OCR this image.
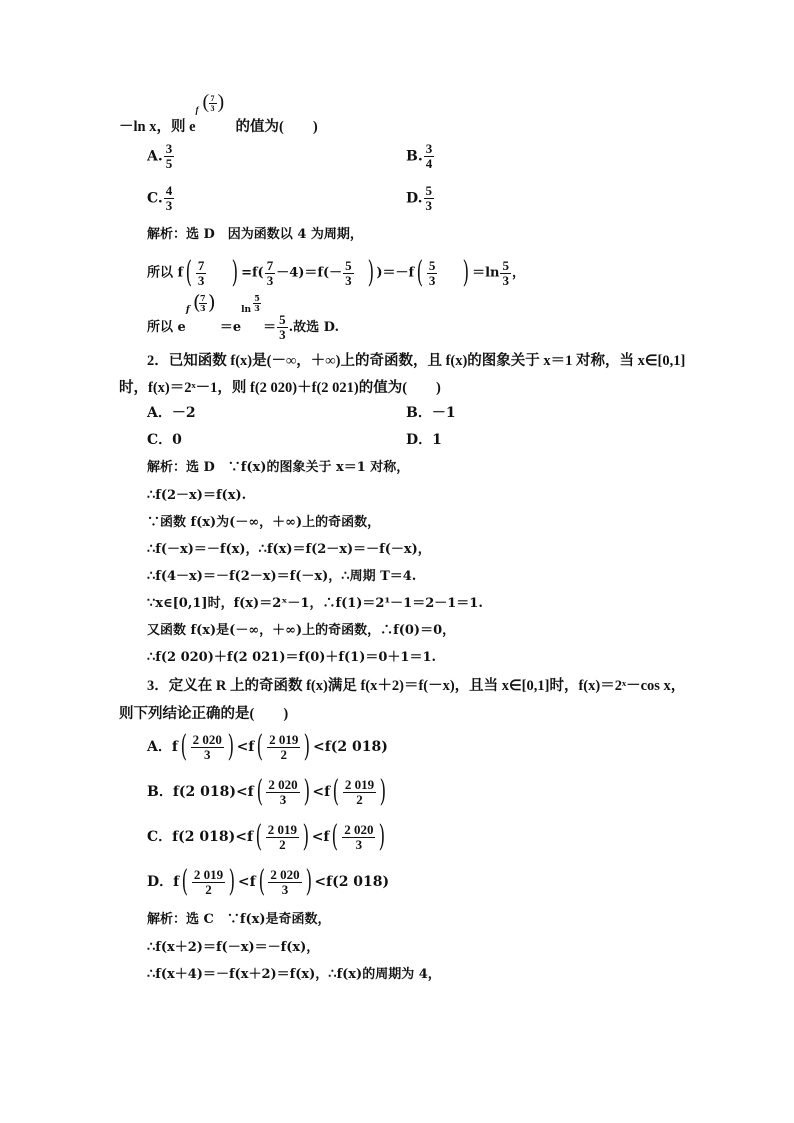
－ln x，则 e
f ( $\frac{7}{3}$ )
的值为(　　)
A. $\frac{3}{5}$	B. $\frac{3}{4}$
C. $\frac{4}{3}$	D. $\frac{5}{3}$
解析：选 D　因为函数以 4 为周期，
所以 $f( \frac{7}{3}$ ) $=f( \frac{7}{3} -4)=f(- \frac{5}{3}$ ) )$=-f( \frac{5}{3}$ ) $=\ln \frac{5}{3}$ ，
所以 e
f (
$\frac{7}{3}$ )
＝e
$\ln \frac{5}{3}$
＝ $\frac{5}{3}$ .故选 D.
2．已知函数 f(x)是(－∞，＋∞)上的奇函数，且 f(x)的图象关于 x＝1 对称，当 x∈[0,1]
时，f(x)＝2ˣ－1，则 f(2 020)＋f(2 021)的值为(　　)
A．－2	B．－1
C．0	D．1
解析：选 D　∵f(x)的图象关于 x＝1 对称，
∴f(2－x)＝f(x).
∵函数 f(x)为(－∞，＋∞)上的奇函数，
∴f(－x)＝－f(x)，∴f(x)＝f(2－x)＝－f(－x)，
∴f(4－x)＝－f(2－x)＝f(－x)，∴周期 T＝4.
∵x∈[0,1]时，f(x)＝2ˣ－1，∴f(1)＝2¹－1＝2－1＝1.
又函数 f(x)是(－∞，＋∞)上的奇函数，∴f(0)＝0，
∴f(2 020)＋f(2 021)＝f(0)＋f(1)＝0＋1＝1.
3．定义在 R 上的奇函数 f(x)满足 f(x＋2)＝f(－x)，且当 x∈[0,1]时，f(x)＝2ˣ－cos x，
则下列结论正确的是(　　)
A．$f( \frac{2 020}{3}$ ) $<f( \frac{2 019}{2}$ ) <f(2 018)
B．f(2 $018)<f( \frac{2 020}{3}$ ) $<f( \frac{2 019}{2}$ )
C．f(2 $018)<f( \frac{2 019}{2}$ ) $<f( \frac{2 020}{3}$ )
D．$f( \frac{2 019}{2}$ ) $<f( \frac{2 020}{3}$ ) <f(2 018)
解析：选 C　∵f(x)是奇函数，
∴f(x＋2)＝f(－x)＝－f(x)，
∴f(x＋4)＝－f(x＋2)＝f(x)，∴f(x)的周期为 4，
